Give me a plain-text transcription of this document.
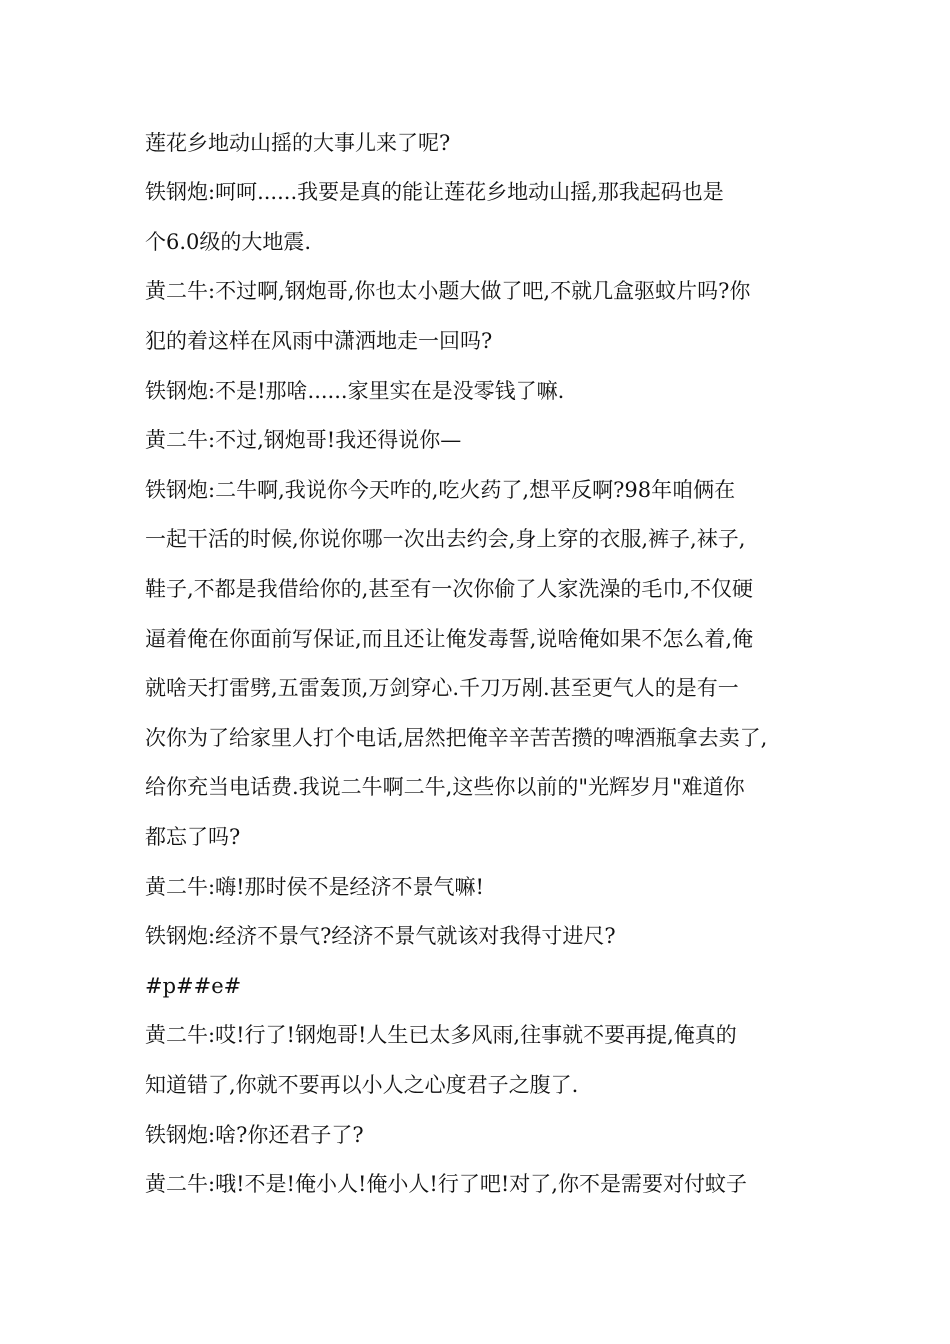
莲花乡地动山摇的大事儿来了呢?
铁钢炮:呵呵......我要是真的能让莲花乡地动山摇,那我起码也是
个6.0级的大地震.
黄二牛:不过啊,钢炮哥,你也太小题大做了吧,不就几盒驱蚊片吗?你
犯的着这样在风雨中潇洒地走一回吗?
铁钢炮:不是!那啥......家里实在是没零钱了嘛.
黄二牛:不过,钢炮哥!我还得说你—
铁钢炮:二牛啊,我说你今天咋的,吃火药了,想平反啊?98年咱俩在
一起干活的时候,你说你哪一次出去约会,身上穿的衣服,裤子,袜子,
鞋子,不都是我借给你的,甚至有一次你偷了人家洗澡的毛巾,不仅硬
逼着俺在你面前写保证,而且还让俺发毒誓,说啥俺如果不怎么着,俺
就啥天打雷劈,五雷轰顶,万剑穿心.千刀万剐.甚至更气人的是有一
次你为了给家里人打个电话,居然把俺辛辛苦苦攒的啤酒瓶拿去卖了,
给你充当电话费.我说二牛啊二牛,这些你以前的"光辉岁月"难道你
都忘了吗?
黄二牛:嗨!那时侯不是经济不景气嘛!
铁钢炮:经济不景气?经济不景气就该对我得寸进尺?
#p##e#
黄二牛:哎!行了!钢炮哥!人生已太多风雨,往事就不要再提,俺真的
知道错了,你就不要再以小人之心度君子之腹了.
铁钢炮:啥?你还君子了?
黄二牛:哦!不是!俺小人!俺小人!行了吧!对了,你不是需要对付蚊子
